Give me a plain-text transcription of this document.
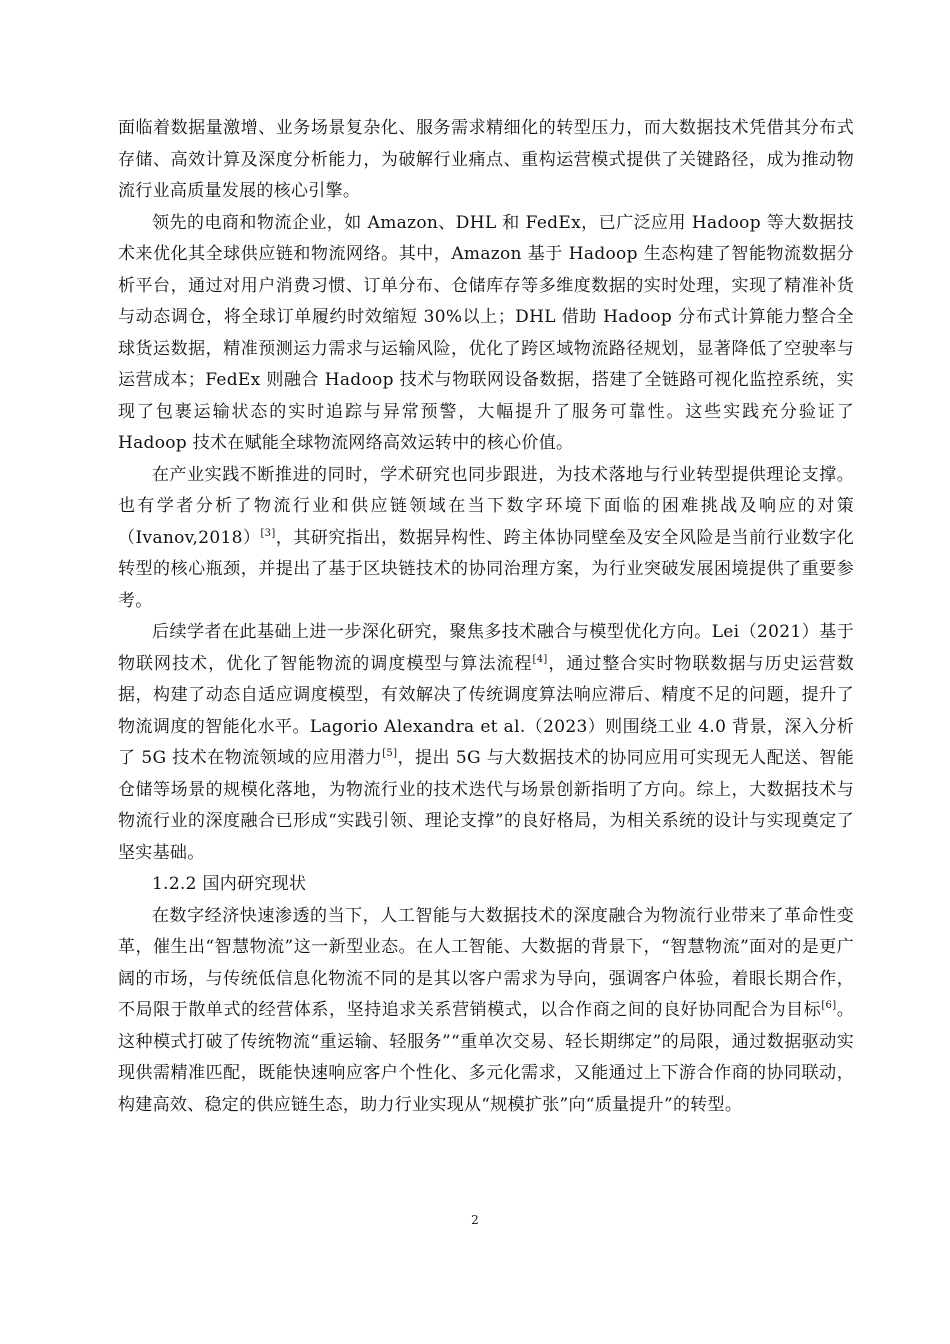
面临着数据量激增、业务场景复杂化、服务需求精细化的转型压力，而大数据技术凭借其分布式存储、高效计算及深度分析能力，为破解行业痛点、重构运营模式提供了关键路径，成为推动物流行业高质量发展的核心引擎。

领先的电商和物流企业，如 Amazon、DHL 和 FedEx，已广泛应用 Hadoop 等大数据技术来优化其全球供应链和物流网络。其中，Amazon 基于 Hadoop 生态构建了智能物流数据分析平台，通过对用户消费习惯、订单分布、仓储库存等多维度数据的实时处理，实现了精准补货与动态调仓，将全球订单履约时效缩短 30%以上；DHL 借助 Hadoop 分布式计算能力整合全球货运数据，精准预测运力需求与运输风险，优化了跨区域物流路径规划，显著降低了空驶率与运营成本；FedEx 则融合 Hadoop 技术与物联网设备数据，搭建了全链路可视化监控系统，实现了包裹运输状态的实时追踪与异常预警，大幅提升了服务可靠性。这些实践充分验证了 Hadoop 技术在赋能全球物流网络高效运转中的核心价值。

在产业实践不断推进的同时，学术研究也同步跟进，为技术落地与行业转型提供理论支撑。也有学者分析了物流行业和供应链领域在当下数字环境下面临的困难挑战及响应的对策（Ivanov,2018）[3]，其研究指出，数据异构性、跨主体协同壁垒及安全风险是当前行业数字化转型的核心瓶颈，并提出了基于区块链技术的协同治理方案，为行业突破发展困境提供了重要参考。

后续学者在此基础上进一步深化研究，聚焦多技术融合与模型优化方向。Lei（2021）基于物联网技术，优化了智能物流的调度模型与算法流程[4]，通过整合实时物联数据与历史运营数据，构建了动态自适应调度模型，有效解决了传统调度算法响应滞后、精度不足的问题，提升了物流调度的智能化水平。Lagorio Alexandra et al.（2023）则围绕工业 4.0 背景，深入分析了 5G 技术在物流领域的应用潜力[5]，提出 5G 与大数据技术的协同应用可实现无人配送、智能仓储等场景的规模化落地，为物流行业的技术迭代与场景创新指明了方向。综上，大数据技术与物流行业的深度融合已形成“实践引领、理论支撑”的良好格局，为相关系统的设计与实现奠定了坚实基础。

1.2.2 国内研究现状

在数字经济快速渗透的当下，人工智能与大数据技术的深度融合为物流行业带来了革命性变革，催生出“智慧物流”这一新型业态。在人工智能、大数据的背景下，“智慧物流”面对的是更广阔的市场，与传统低信息化物流不同的是其以客户需求为导向，强调客户体验，着眼长期合作，不局限于散单式的经营体系，坚持追求关系营销模式，以合作商之间的良好协同配合为目标[6]。这种模式打破了传统物流“重运输、轻服务”“重单次交易、轻长期绑定”的局限，通过数据驱动实现供需精准匹配，既能快速响应客户个性化、多元化需求，又能通过上下游合作商的协同联动，构建高效、稳定的供应链生态，助力行业实现从“规模扩张”向“质量提升”的转型。

2
